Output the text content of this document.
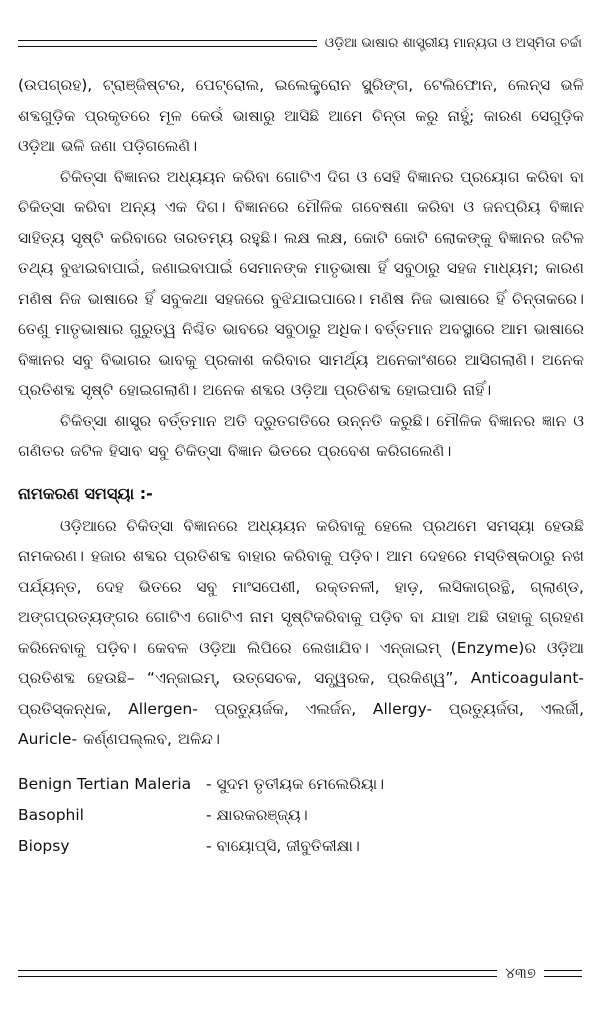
ଓଡ଼ିଆ ଭାଷାର ଶାସ୍ତ୍ରୀୟ ମାନ୍ୟତା ଓ ଅସ୍ମିତା ଚର୍ଚ୍ଚା

(ଉପଗ୍ରହ), ଟ୍ରାଞ୍ଜିଷ୍ଟର, ପେଟ୍ରୋଲ, ଇଲେକ୍ଟ୍ରୋନ ସ୍କ୍ରିଙ୍ଗ, ଟେଲିଫୋନ, ଲେନ୍ସ ଭଳି ଶବ୍ଦଗୁଡ଼ିକ ପ୍ରକୃତରେ ମୂଳ କେଉଁ ଭାଷାରୁ ଆସିଛି ଆମେ ଚିନ୍ତା କରୁ ନାହୁଁ; କାରଣ ସେଗୁଡ଼ିକ ଓଡ଼ିଆ ଭଳି ଜଣା ପଡ଼ିଗଲେଣି।

ଚିକିତ୍ସା ବିଜ୍ଞାନର ଅଧ୍ୟୟନ କରିବା ଗୋଟିଏ ଦିଗ ଓ ସେହି ବିଜ୍ଞାନର ପ୍ରୟୋଗ କରିବା ବା ଚିକିତ୍ସା କରିବା ଅନ୍ୟ ଏକ ଦିଗ। ବିଜ୍ଞାନରେ ମୌଳିକ ଗବେଷଣା କରିବା ଓ ଜନପ୍ରିୟ ବିଜ୍ଞାନ ସାହିତ୍ୟ ସୃଷ୍ଟି କରିବାରେ ତାରତମ୍ୟ ରହୁଛି। ଲକ୍ଷ ଲକ୍ଷ, କୋଟି କୋଟି ଲୋକଙ୍କୁ ବିଜ୍ଞାନର ଜଟିଳ ତଥ୍ୟ ବୁଝାଇବାପାଇଁ, ଜଣାଇବାପାଇଁ ସେମାନଙ୍କ ମାତୃଭାଷା ହିଁ ସବୁଠାରୁ ସହଜ ମାଧ୍ୟମ; କାରଣ ମଣିଷ ନିଜ ଭାଷାରେ ହିଁ ସବୁକଥା ସହଜରେ ବୁଝିଯାଇପାରେ। ମଣିଷ ନିଜ ଭାଷାରେ ହିଁ ଚିନ୍ତାକରେ। ତେଣୁ ମାତୃଭାଷାର ଗୁରୁତ୍ୱ ନିଶ୍ଚିତ ଭାବରେ ସବୁଠାରୁ ଅଧିକ। ବର୍ତ୍ତମାନ ଅବସ୍ଥାରେ ଆମ ଭାଷାରେ ବିଜ୍ଞାନର ସବୁ ବିଭାଗର ଭାବକୁ ପ୍ରକାଶ କରିବାର ସାମର୍ଥ୍ୟ ଅନେକାଂଶରେ ଆସିଗଲାଣି। ଅନେକ ପ୍ରତିଶବ୍ଦ ସୃଷ୍ଟି ହୋଇଗଲାଣି। ଅନେକ ଶବ୍ଦର ଓଡ଼ିଆ ପ୍ରତିଶବ୍ଦ ହୋଇପାରି ନାହିଁ।

ଚିକିତ୍ସା ଶାସ୍ତ୍ର ବର୍ତ୍ତମାନ ଅତି ଦ୍ରୁତଗତିରେ ଉନ୍ନତି କରୁଛି। ମୌଳିକ ବିଜ୍ଞାନର ଜ୍ଞାନ ଓ ଗଣିତର ଜଟିଳ ହିସାବ ସବୁ ଚିକିତ୍ସା ବିଜ୍ଞାନ ଭିତରେ ପ୍ରବେଶ କରିଗଲେଣି।

ନାମକରଣ ସମସ୍ୟା :-

ଓଡ଼ିଆରେ ଚିକିତ୍ସା ବିଜ୍ଞାନରେ ଅଧ୍ୟୟନ କରିବାକୁ ହେଲେ ପ୍ରଥମେ ସମସ୍ୟା ହେଉଛି ନାମକରଣ। ହଜାର ଶବ୍ଦର ପ୍ରତିଶବ୍ଦ ବାହାର କରିବାକୁ ପଡ଼ିବ। ଆମ ଦେହରେ ମସ୍ତିଷ୍କଠାରୁ ନଖ ପର୍ଯ୍ୟନ୍ତ, ଦେହ ଭିତରେ ସବୁ ମାଂସପେଶୀ, ରକ୍ତନଳୀ, ହାଡ଼, ଲସିକାଗ୍ରନ୍ଥି, ଗ୍ଲାଣ୍ଡ, ଅଙ୍ଗପ୍ରତ୍ୟଙ୍ଗର ଗୋଟିଏ ଗୋଟିଏ ନାମ ସୃଷ୍ଟିକରିବାକୁ ପଡ଼ିବ ବା ଯାହା ଅଛି ତାହାକୁ ଗ୍ରହଣ କରିନେବାକୁ ପଡ଼ିବ। କେବଳ ଓଡ଼ିଆ ଲିପିରେ ଲେଖାଯିବ। ଏନ୍‌ଜାଇମ୍ (Enzyme)ର ଓଡ଼ିଆ ପ୍ରତିଶବ୍ଦ ହେଉଛି– “ଏନ୍‌ଜାଇମ୍, ଉତ୍ସେଚକ, ସନ୍ଧ୍ୱରକ, ପ୍ରକିଣ୍ୱ”, Anticoagulant- ପ୍ରତିସ୍କନ୍ଧକ, Allergen- ପ୍ରତ୍ୟୁର୍ଜକ, ଏଲର୍ଜନ, Allergy- ପ୍ରତ୍ୟୁର୍ଜତା, ଏଲର୍ଜୀ, Auricle- କର୍ଣ୍ଣପଲ୍ଲବ, ଅଳିନ୍ଦ।

Benign Tertian Maleria - ସୁଦମ ତୃତୀୟକ ମେଲେରିୟା।
Basophil	- କ୍ଷାରକରଞ୍ଜ୍ୟ।
Biopsy	- ବାୟୋପ୍ସି, ଜୀବୁତିକୀକ୍ଷା।
୪୩୭
